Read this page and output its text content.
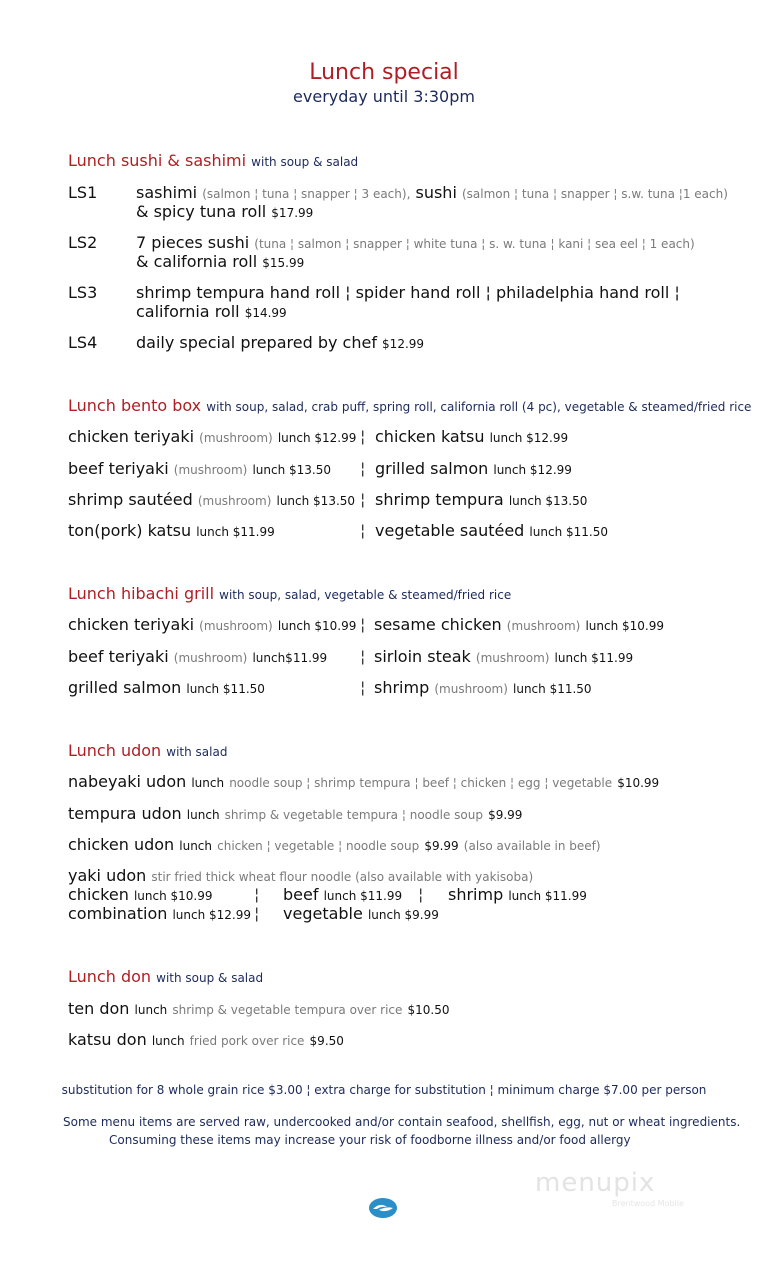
Lunch special
everyday until 3:30pm
Lunch sushi & sashimi with soup & salad
LS1 sashimi (salmon ¦ tuna ¦ snapper ¦ 3 each), sushi (salmon ¦ tuna ¦ snapper ¦ s.w. tuna ¦1 each)
& spicy tuna roll $17.99
LS2 7 pieces sushi (tuna ¦ salmon ¦ snapper ¦ white tuna ¦ s. w. tuna ¦ kani ¦ sea eel ¦ 1 each)
& california roll $15.99
LS3 shrimp tempura hand roll ¦ spider hand roll ¦ philadelphia hand roll ¦
california roll $14.99
LS4 daily special prepared by chef $12.99
Lunch bento box with soup, salad, crab puff, spring roll, california roll (4 pc), vegetable & steamed/fried rice
chicken teriyaki (mushroom) lunch $12.99
beef teriyaki (mushroom) lunch $13.50
shrimp sautéed (mushroom) lunch $13.50
ton(pork) katsu lunch $11.99
¦
¦
¦
¦
chicken katsu lunch $12.99
grilled salmon lunch $12.99
shrimp tempura lunch $13.50
vegetable sautéed lunch $11.50
Lunch hibachi grill with soup, salad, vegetable & steamed/fried rice
chicken teriyaki (mushroom) lunch $10.99
beef teriyaki (mushroom) lunch$11.99
grilled salmon lunch $11.50
¦
¦
¦
sesame chicken (mushroom) lunch $10.99
sirloin steak (mushroom) lunch $11.99
shrimp (mushroom) lunch $11.50
Lunch udon with salad
nabeyaki udon lunch noodle soup ¦ shrimp tempura ¦ beef ¦ chicken ¦ egg ¦ vegetable $10.99
tempura udon lunch shrimp & vegetable tempura ¦ noodle soup $9.99
chicken udon lunch chicken ¦ vegetable ¦ noodle soup $9.99 (also available in beef)
yaki udon stir fried thick wheat flour noodle (also available with yakisoba)
chicken lunch $10.99	¦ beef lunch $11.99 ¦ shrimp lunch $11.99
combination lunch $12.99 ¦ vegetable lunch $9.99
Lunch don with soup & salad
ten don lunch shrimp & vegetable tempura over rice $10.50
katsu don lunch fried pork over rice $9.50
substitution for 8 whole grain rice $3.00 ¦ extra charge for substitution ¦ minimum charge $7.00 per person
Some menu items are served raw, undercooked and/or contain seafood, shellfish, egg, nut or wheat ingredients.
Consuming these items may increase your risk of foodborne illness and/or food allergy
menupix
Brentwood Mobile
